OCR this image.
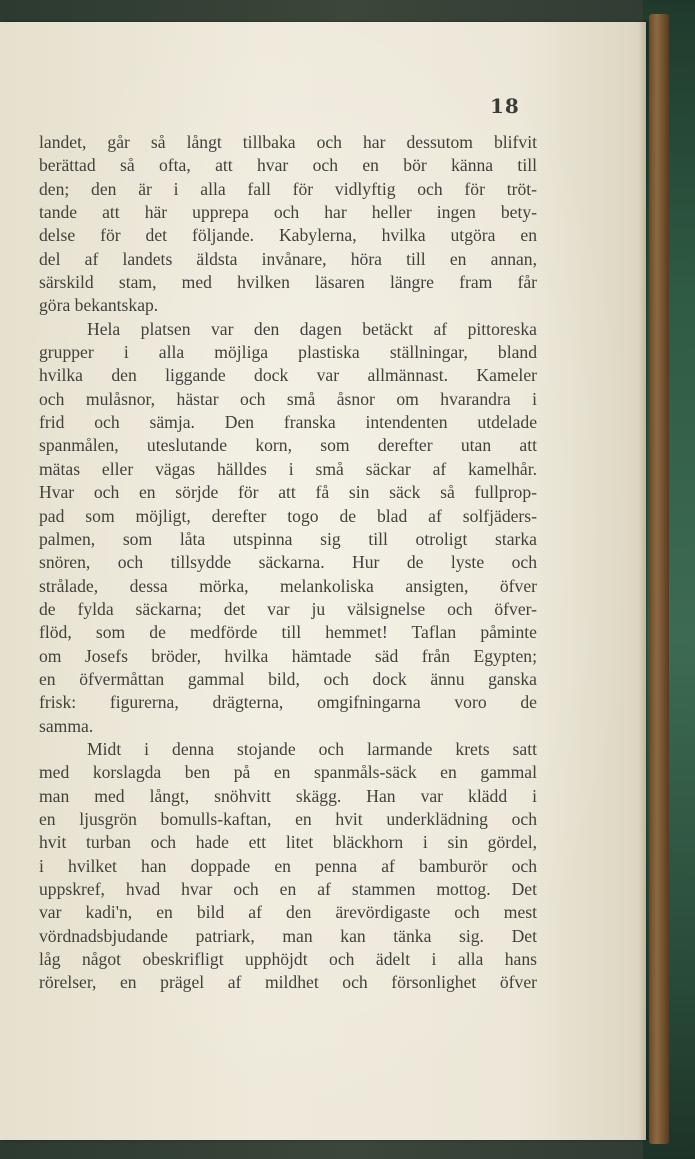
18
landet, går så långt tillbaka och har dessutom blifvit
berättad så ofta, att hvar och en bör känna till
den; den är i alla fall för vidlyftig och för tröt-
tande att här upprepa och har heller ingen bety-
delse för det följande. Kabylerna, hvilka utgöra en
del af landets äldsta invånare, höra till en annan,
särskild stam, med hvilken läsaren längre fram får
göra bekantskap.
Hela platsen var den dagen betäckt af pittoreska
grupper i alla möjliga plastiska ställningar, bland
hvilka den liggande dock var allmännast. Kameler
och mulåsnor, hästar och små åsnor om hvarandra i
frid och sämja. Den franska intendenten utdelade
spanmålen, uteslutande korn, som derefter utan att
mätas eller vägas hälldes i små säckar af kamelhår.
Hvar och en sörjde för att få sin säck så fullprop-
pad som möjligt, derefter togo de blad af solfjäders-
palmen, som låta utspinna sig till otroligt starka
snören, och tillsydde säckarna. Hur de lyste och
strålade, dessa mörka, melankoliska ansigten, öfver
de fylda säckarna; det var ju välsignelse och öfver-
flöd, som de medförde till hemmet! Taflan påminte
om Josefs bröder, hvilka hämtade säd från Egypten;
en öfvermåttan gammal bild, och dock ännu ganska
frisk: figurerna, drägterna, omgifningarna voro de
samma.
Midt i denna stojande och larmande krets satt
med korslagda ben på en spanmåls-säck en gammal
man med långt, snöhvitt skägg. Han var klädd i
en ljusgrön bomulls-kaftan, en hvit underklädning och
hvit turban och hade ett litet bläckhorn i sin gördel,
i hvilket han doppade en penna af bamburör och
uppskref, hvad hvar och en af stammen mottog. Det
var kadi'n, en bild af den ärevördigaste och mest
vördnadsbjudande patriark, man kan tänka sig. Det
låg något obeskrifligt upphöjdt och ädelt i alla hans
rörelser, en prägel af mildhet och försonlighet öfver
